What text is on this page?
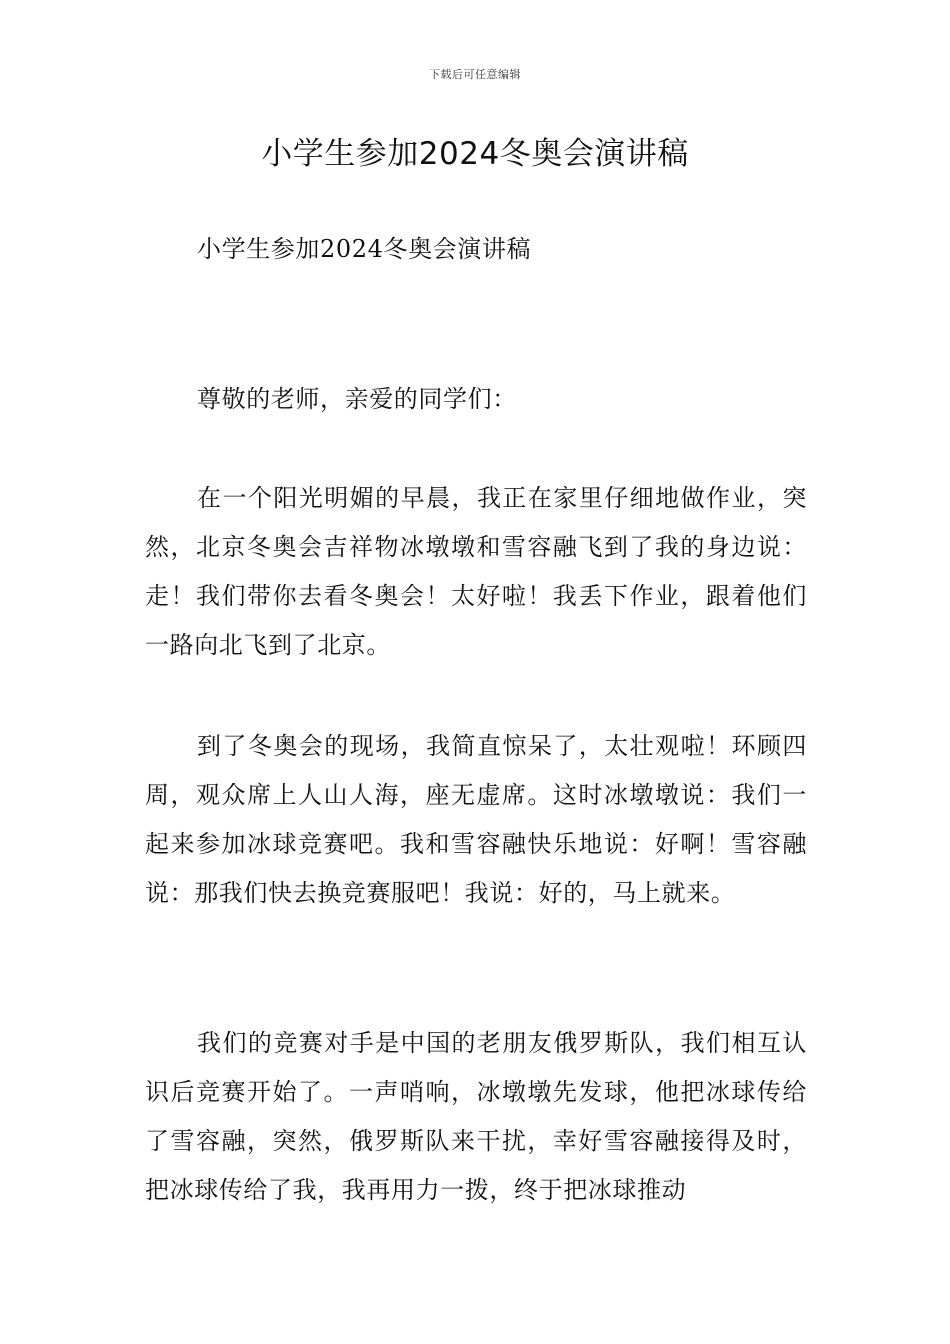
下载后可任意编辑
小学生参加2024冬奥会演讲稿

小学生参加2024冬奥会演讲稿

尊敬的老师，亲爱的同学们：

在一个阳光明媚的早晨，我正在家里仔细地做作业，突然，北京冬奥会吉祥物冰墩墩和雪容融飞到了我的身边说：走！我们带你去看冬奥会！太好啦！我丢下作业，跟着他们一路向北飞到了北京。

到了冬奥会的现场，我简直惊呆了，太壮观啦！环顾四周，观众席上人山人海，座无虚席。这时冰墩墩说：我们一起来参加冰球竞赛吧。我和雪容融快乐地说：好啊！雪容融说：那我们快去换竞赛服吧！我说：好的，马上就来。

我们的竞赛对手是中国的老朋友俄罗斯队，我们相互认识后竞赛开始了。一声哨响，冰墩墩先发球，他把冰球传给了雪容融，突然，俄罗斯队来干扰，幸好雪容融接得及时，把冰球传给了我，我再用力一拨，终于把冰球推动
